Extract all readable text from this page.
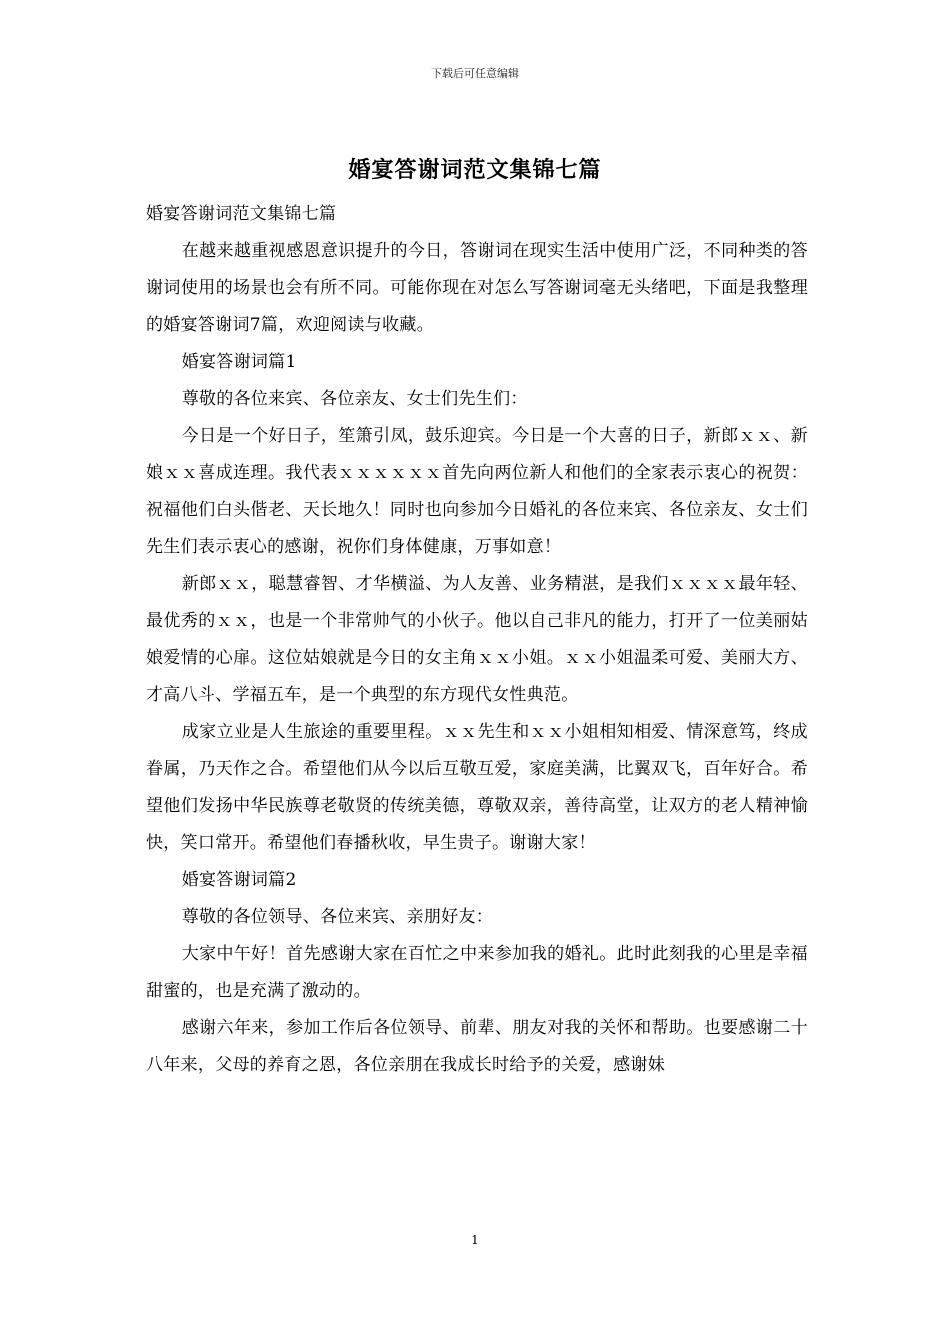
下载后可任意编辑
婚宴答谢词范文集锦七篇

婚宴答谢词范文集锦七篇

在越来越重视感恩意识提升的今日，答谢词在现实生活中使用广泛，不同种类的答谢词使用的场景也会有所不同。可能你现在对怎么写答谢词毫无头绪吧，下面是我整理的婚宴答谢词7篇，欢迎阅读与收藏。

婚宴答谢词篇1

尊敬的各位来宾、各位亲友、女士们先生们：

今日是一个好日子，笙箫引凤，鼓乐迎宾。今日是一个大喜的日子，新郎ｘｘ、新娘ｘｘ喜成连理。我代表ｘｘｘｘｘｘ首先向两位新人和他们的全家表示衷心的祝贺：祝福他们白头偕老、天长地久！同时也向参加今日婚礼的各位来宾、各位亲友、女士们先生们表示衷心的感谢，祝你们身体健康，万事如意！

新郎ｘｘ，聪慧睿智、才华横溢、为人友善、业务精湛，是我们ｘｘｘｘ最年轻、最优秀的ｘｘ，也是一个非常帅气的小伙子。他以自己非凡的能力，打开了一位美丽姑娘爱情的心扉。这位姑娘就是今日的女主角ｘｘ小姐。ｘｘ小姐温柔可爱、美丽大方、才高八斗、学福五车，是一个典型的东方现代女性典范。

成家立业是人生旅途的重要里程。ｘｘ先生和ｘｘ小姐相知相爱、情深意笃，终成眷属，乃天作之合。希望他们从今以后互敬互爱，家庭美满，比翼双飞，百年好合。希望他们发扬中华民族尊老敬贤的传统美德，尊敬双亲，善待高堂，让双方的老人精神愉快，笑口常开。希望他们春播秋收，早生贵子。谢谢大家！

婚宴答谢词篇2

尊敬的各位领导、各位来宾、亲朋好友：

大家中午好！首先感谢大家在百忙之中来参加我的婚礼。此时此刻我的心里是幸福甜蜜的，也是充满了激动的。

感谢六年来，参加工作后各位领导、前辈、朋友对我的关怀和帮助。也要感谢二十八年来，父母的养育之恩，各位亲朋在我成长时给予的关爱，感谢妹

1
